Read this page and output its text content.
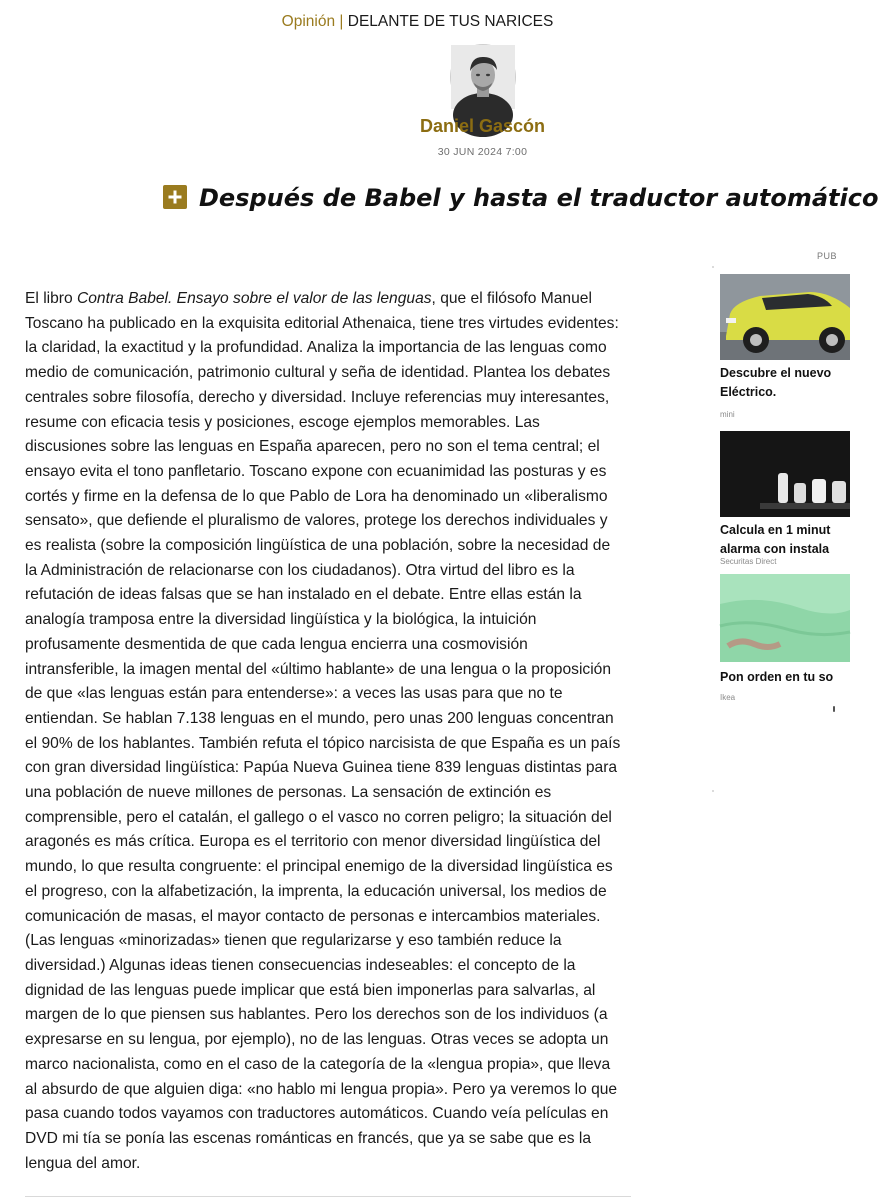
Opinión | DELANTE DE TUS NARICES
Daniel Gascón
30 JUN 2024 7:00
Después de Babel y hasta el traductor automático
El libro Contra Babel. Ensayo sobre el valor de las lenguas, que el filósofo Manuel
Toscano ha publicado en la exquisita editorial Athenaica, tiene tres virtudes evidentes:
la claridad, la exactitud y la profundidad. Analiza la importancia de las lenguas como
medio de comunicación, patrimonio cultural y seña de identidad. Plantea los debates
centrales sobre filosofía, derecho y diversidad. Incluye referencias muy interesantes,
resume con eficacia tesis y posiciones, escoge ejemplos memorables. Las
discusiones sobre las lenguas en España aparecen, pero no son el tema central; el
ensayo evita el tono panfletario. Toscano expone con ecuanimidad las posturas y es
cortés y firme en la defensa de lo que Pablo de Lora ha denominado un «liberalismo
sensato», que defiende el pluralismo de valores, protege los derechos individuales y
es realista (sobre la composición lingüística de una población, sobre la necesidad de
la Administración de relacionarse con los ciudadanos). Otra virtud del libro es la
refutación de ideas falsas que se han instalado en el debate. Entre ellas están la
analogía tramposa entre la diversidad lingüística y la biológica, la intuición
profusamente desmentida de que cada lengua encierra una cosmovisión
intransferible, la imagen mental del «último hablante» de una lengua o la proposición
de que «las lenguas están para entenderse»: a veces las usas para que no te
entiendan. Se hablan 7.138 lenguas en el mundo, pero unas 200 lenguas concentran
el 90% de los hablantes. También refuta el tópico narcisista de que España es un país
con gran diversidad lingüística: Papúa Nueva Guinea tiene 839 lenguas distintas para
una población de nueve millones de personas. La sensación de extinción es
comprensible, pero el catalán, el gallego o el vasco no corren peligro; la situación del
aragonés es más crítica. Europa es el territorio con menor diversidad lingüística del
mundo, lo que resulta congruente: el principal enemigo de la diversidad lingüística es
el progreso, con la alfabetización, la imprenta, la educación universal, los medios de
comunicación de masas, el mayor contacto de personas e intercambios materiales.
(Las lenguas «minorizadas» tienen que regularizarse y eso también reduce la
diversidad.) Algunas ideas tienen consecuencias indeseables: el concepto de la
dignidad de las lenguas puede implicar que está bien imponerlas para salvarlas, al
margen de lo que piensen sus hablantes. Pero los derechos son de los individuos (a
expresarse en su lengua, por ejemplo), no de las lenguas. Otras veces se adopta un
marco nacionalista, como en el caso de la categoría de la «lengua propia», que lleva
al absurdo de que alguien diga: «no hablo mi lengua propia». Pero ya veremos lo que
pasa cuando todos vayamos con traductores automáticos. Cuando veía películas en
DVD mi tía se ponía las escenas románticas en francés, que ya se sabe que es la
lengua del amor.
PUB
Descubre el nuevo
Eléctrico.
mini
Calcula en 1 minut
alarma con instala
Securitas Direct
Pon orden en tu so
Ikea
